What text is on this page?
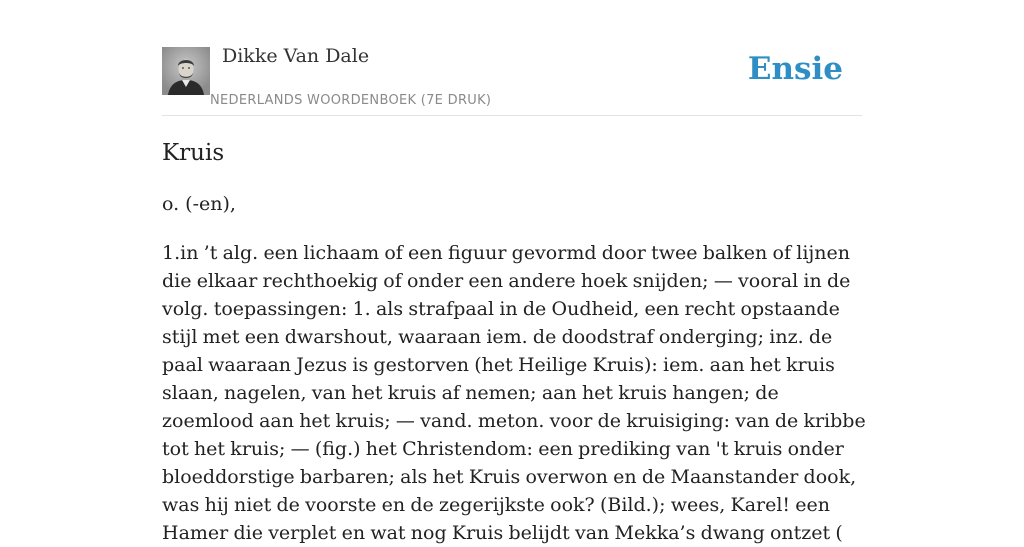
Dikke Van Dale
NEDERLANDS WOORDENBOEK (7E DRUK)
Ensie
Kruis

o. (-en),

1.in ’t alg. een lichaam of een figuur gevormd door twee balken of lijnen die elkaar rechthoekig of onder een andere hoek snijden; — vooral in de volg. toepassingen: 1. als strafpaal in de Oudheid, een recht opstaande stijl met een dwarshout, waaraan iem. de doodstraf onderging; inz. de paal waaraan Jezus is gestorven (het Heilige Kruis): iem. aan het kruis slaan, nagelen, van het kruis af nemen; aan het kruis hangen; de zoemlood aan het kruis; — vand. meton. voor de kruisiging: van de kribbe tot het kruis; — (fig.) het Christendom: een prediking van 't kruis onder bloeddorstige barbaren; als het Kruis overwon en de Maanstander dook, was hij niet de voorste en de zegerijkste ook? (Bild.); wees, Karel! een Hamer die verplet en wat nog Kruis belijdt van Mekka’s dwang ontzet (
